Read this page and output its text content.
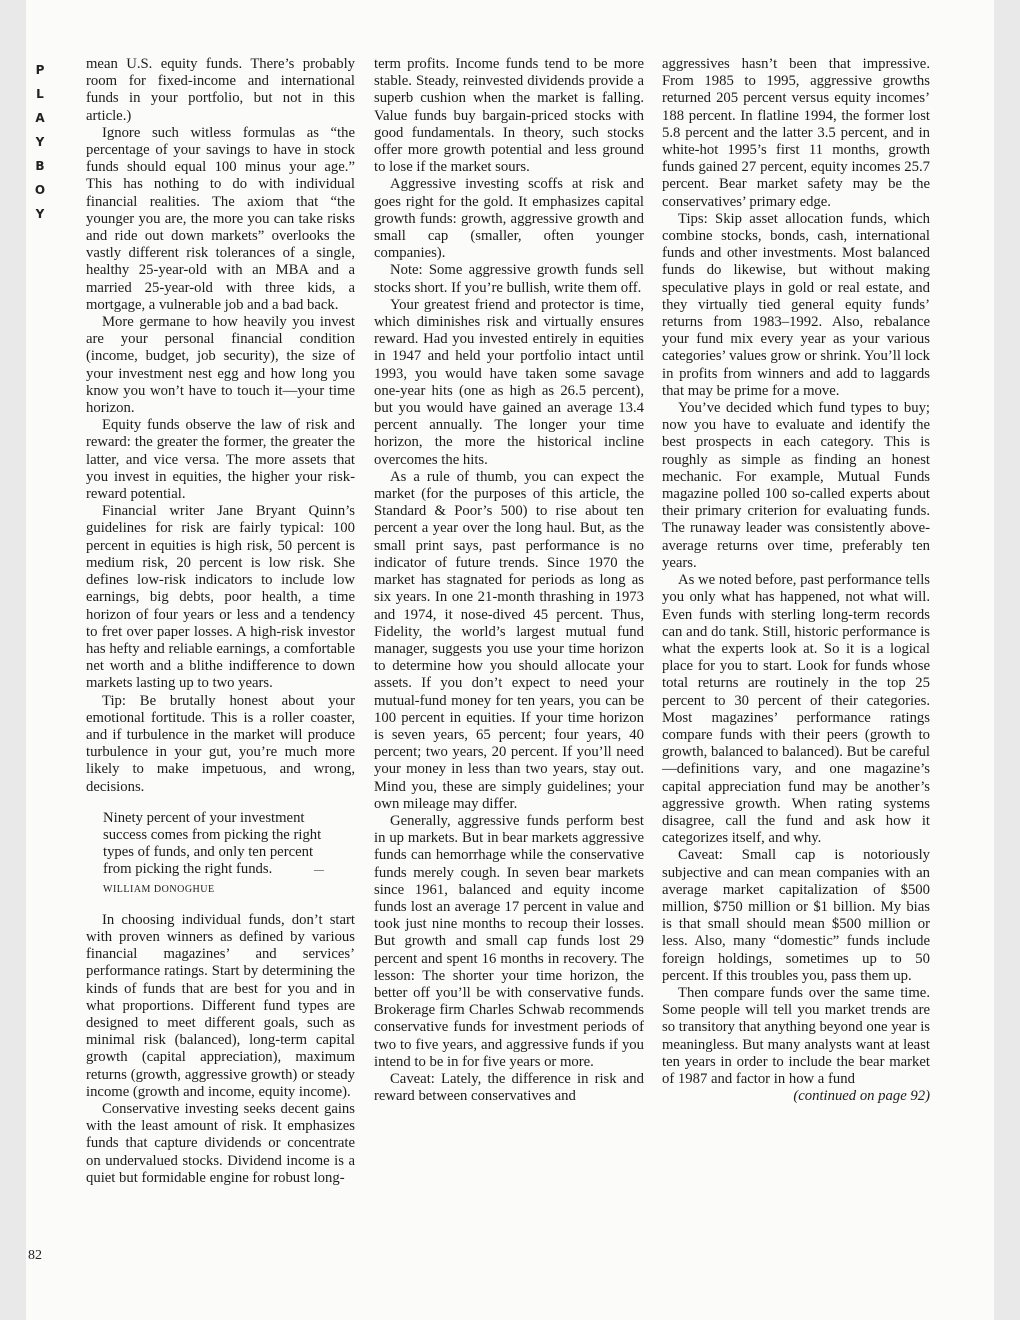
P
L
A
Y
B
O
Y
82

mean U.S. equity funds. There’s probably room for fixed-income and international funds in your portfolio, but not in this article.)

Ignore such witless formulas as “the percentage of your savings to have in stock funds should equal 100 minus your age.” This has nothing to do with individual financial realities. The axiom that “the younger you are, the more you can take risks and ride out down markets” overlooks the vastly different risk tolerances of a single, healthy 25-year-old with an MBA and a married 25-year-old with three kids, a mortgage, a vulnerable job and a bad back.

More germane to how heavily you invest are your personal financial condition (income, budget, job security), the size of your investment nest egg and how long you know you won’t have to touch it—your time horizon.

Equity funds observe the law of risk and reward: the greater the former, the greater the latter, and vice versa. The more assets that you invest in equities, the higher your risk-reward potential.

Financial writer Jane Bryant Quinn’s guidelines for risk are fairly typical: 100 percent in equities is high risk, 50 percent is medium risk, 20 percent is low risk. She defines low-risk indicators to include low earnings, big debts, poor health, a time horizon of four years or less and a tendency to fret over paper losses. A high-risk investor has hefty and reliable earnings, a comfortable net worth and a blithe indifference to down markets lasting up to two years.

Tip: Be brutally honest about your emotional fortitude. This is a roller coaster, and if turbulence in the market will produce turbulence in your gut, you’re much more likely to make impetuous, and wrong, decisions.

Ninety percent of your investment success comes from picking the right types of funds, and only ten percent from picking the right funds.	—WILLIAM DONOGHUE

In choosing individual funds, don’t start with proven winners as defined by various financial magazines’ and services’ performance ratings. Start by determining the kinds of funds that are best for you and in what proportions. Different fund types are designed to meet different goals, such as minimal risk (balanced), long-term capital growth (capital appreciation), maximum returns (growth, aggressive growth) or steady income (growth and income, equity income).

Conservative investing seeks decent gains with the least amount of risk. It emphasizes funds that capture dividends or concentrate on undervalued stocks. Dividend income is a quiet but formidable engine for robust long-

term profits. Income funds tend to be more stable. Steady, reinvested dividends provide a superb cushion when the market is falling. Value funds buy bargain-priced stocks with good fundamentals. In theory, such stocks offer more growth potential and less ground to lose if the market sours.

Aggressive investing scoffs at risk and goes right for the gold. It emphasizes capital growth funds: growth, aggressive growth and small cap (smaller, often younger companies).

Note: Some aggressive growth funds sell stocks short. If you’re bullish, write them off.

Your greatest friend and protector is time, which diminishes risk and virtually ensures reward. Had you invested entirely in equities in 1947 and held your portfolio intact until 1993, you would have taken some savage one-year hits (one as high as 26.5 percent), but you would have gained an average 13.4 percent annually. The longer your time horizon, the more the historical incline overcomes the hits.

As a rule of thumb, you can expect the market (for the purposes of this article, the Standard & Poor’s 500) to rise about ten percent a year over the long haul. But, as the small print says, past performance is no indicator of future trends. Since 1970 the market has stagnated for periods as long as six years. In one 21-month thrashing in 1973 and 1974, it nose-dived 45 percent. Thus, Fidelity, the world’s largest mutual fund manager, suggests you use your time horizon to determine how you should allocate your assets. If you don’t expect to need your mutual-fund money for ten years, you can be 100 percent in equities. If your time horizon is seven years, 65 percent; four years, 40 percent; two years, 20 percent. If you’ll need your money in less than two years, stay out. Mind you, these are simply guidelines; your own mileage may differ.

Generally, aggressive funds perform best in up markets. But in bear markets aggressive funds can hemorrhage while the conservative funds merely cough. In seven bear markets since 1961, balanced and equity income funds lost an average 17 percent in value and took just nine months to recoup their losses. But growth and small cap funds lost 29 percent and spent 16 months in recovery. The lesson: The shorter your time horizon, the better off you’ll be with conservative funds. Brokerage firm Charles Schwab recommends conservative funds for investment periods of two to five years, and aggressive funds if you intend to be in for five years or more.

Caveat: Lately, the difference in risk and reward between conservatives and

aggressives hasn’t been that impressive. From 1985 to 1995, aggressive growths returned 205 percent versus equity incomes’ 188 percent. In flatline 1994, the former lost 5.8 percent and the latter 3.5 percent, and in white-hot 1995’s first 11 months, growth funds gained 27 percent, equity incomes 25.7 percent. Bear market safety may be the conservatives’ primary edge.

Tips: Skip asset allocation funds, which combine stocks, bonds, cash, international funds and other investments. Most balanced funds do likewise, but without making speculative plays in gold or real estate, and they virtually tied general equity funds’ returns from 1983–1992. Also, rebalance your fund mix every year as your various categories’ values grow or shrink. You’ll lock in profits from winners and add to laggards that may be prime for a move.

You’ve decided which fund types to buy; now you have to evaluate and identify the best prospects in each category. This is roughly as simple as finding an honest mechanic. For example, Mutual Funds magazine polled 100 so-called experts about their primary criterion for evaluating funds. The runaway leader was consistently above-average returns over time, preferably ten years.

As we noted before, past performance tells you only what has happened, not what will. Even funds with sterling long-term records can and do tank. Still, historic performance is what the experts look at. So it is a logical place for you to start. Look for funds whose total returns are routinely in the top 25 percent to 30 percent of their categories. Most magazines’ performance ratings compare funds with their peers (growth to growth, balanced to balanced). But be careful—definitions vary, and one magazine’s capital appreciation fund may be another’s aggressive growth. When rating systems disagree, call the fund and ask how it categorizes itself, and why.

Caveat: Small cap is notoriously subjective and can mean companies with an average market capitalization of $500 million, $750 million or $1 billion. My bias is that small should mean $500 million or less. Also, many “domestic” funds include foreign holdings, sometimes up to 50 percent. If this troubles you, pass them up.

Then compare funds over the same time. Some people will tell you market trends are so transitory that anything beyond one year is meaningless. But many analysts want at least ten years in order to include the bear market of 1987 and factor in how a fund

(continued on page 92)
